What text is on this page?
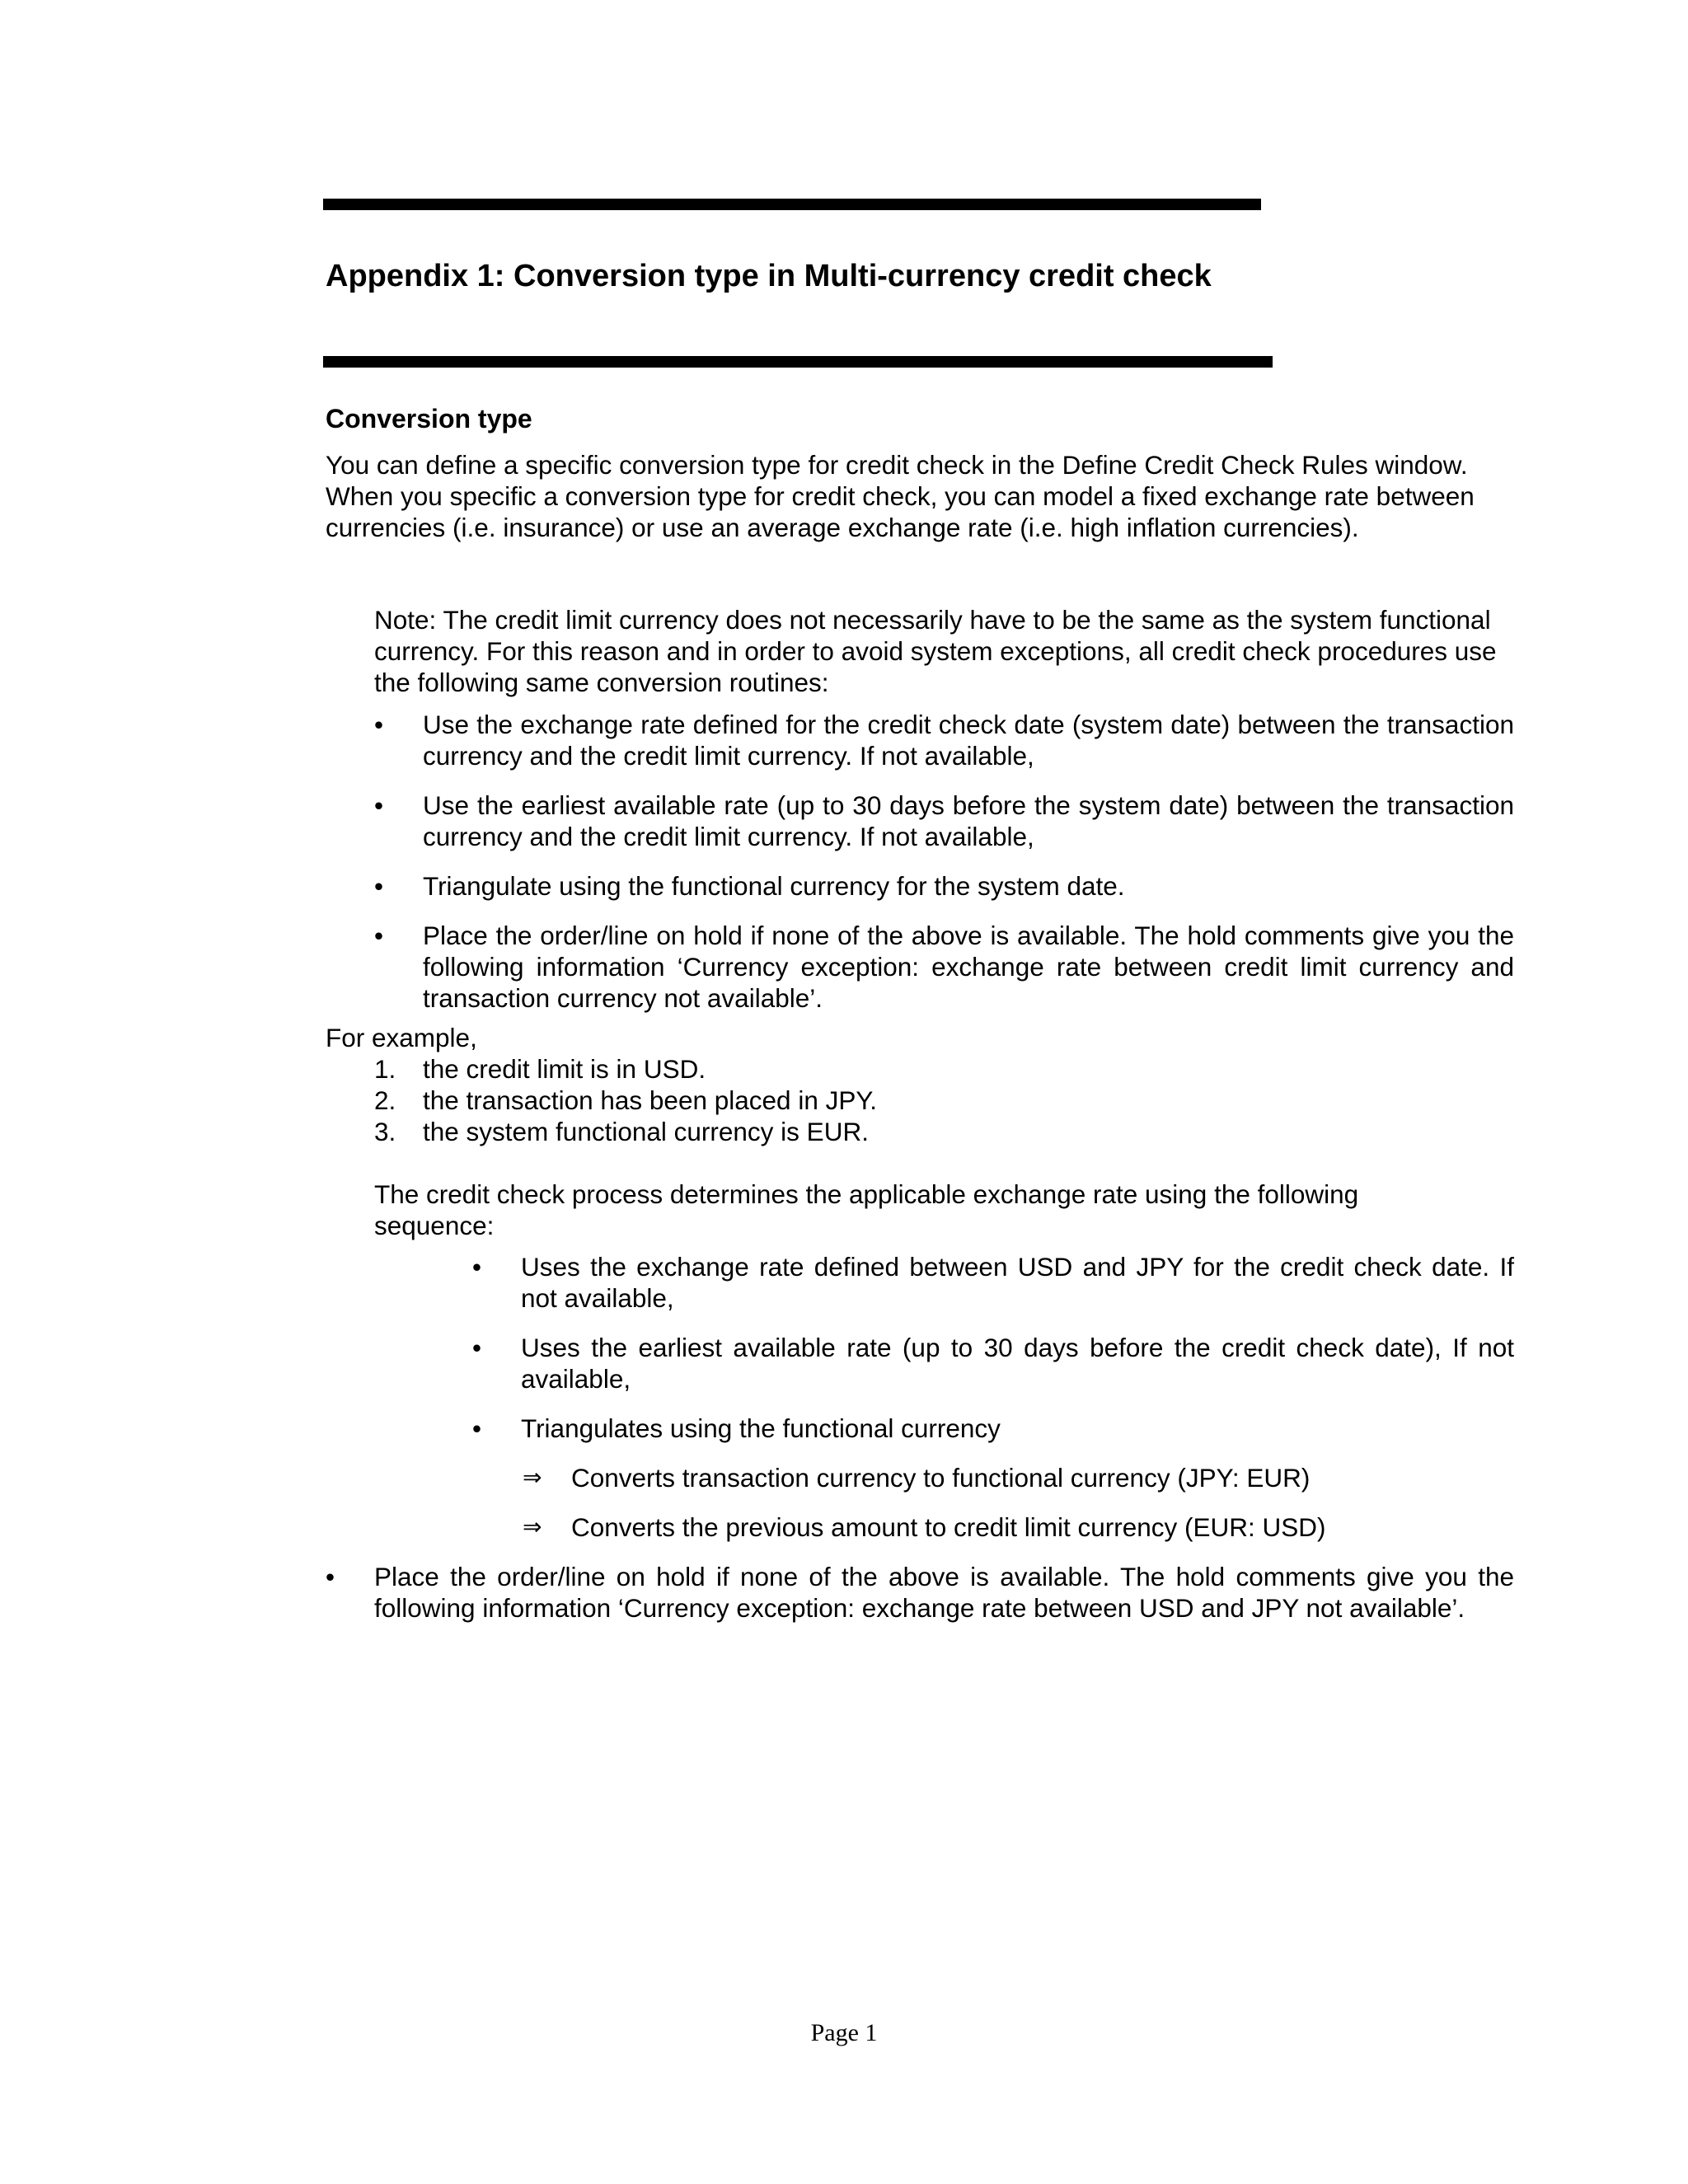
Appendix 1: Conversion type in Multi-currency credit check
Conversion type
You can define a specific conversion type for credit check in the Define Credit Check Rules window. When you specific a conversion type for credit check, you can model a fixed exchange rate between currencies (i.e. insurance) or use an average exchange rate (i.e. high inflation currencies).
Note: The credit limit currency does not necessarily have to be the same as the system functional currency. For this reason and in order to avoid system exceptions, all credit check procedures use the following same conversion routines:
• Use the exchange rate defined for the credit check date (system date) between the transaction currency and the credit limit currency. If not available,
• Use the earliest available rate (up to 30 days before the system date) between the transaction currency and the credit limit currency. If not available,
• Triangulate using the functional currency for the system date.
• Place the order/line on hold if none of the above is available. The hold comments give you the following information ‘Currency exception: exchange rate between credit limit currency and transaction currency not available’.
For example,
1. the credit limit is in USD.
2. the transaction has been placed in JPY.
3. the system functional currency is EUR.
The credit check process determines the applicable exchange rate using the following sequence:
• Uses the exchange rate defined between USD and JPY for the credit check date. If not available,
• Uses the earliest available rate (up to 30 days before the credit check date), If not available,
• Triangulates using the functional currency
⇒ Converts transaction currency to functional currency (JPY: EUR)
⇒ Converts the previous amount to credit limit currency (EUR: USD)
• Place the order/line on hold if none of the above is available. The hold comments give you the following information ‘Currency exception: exchange rate between USD and JPY not available’.
Page 1
